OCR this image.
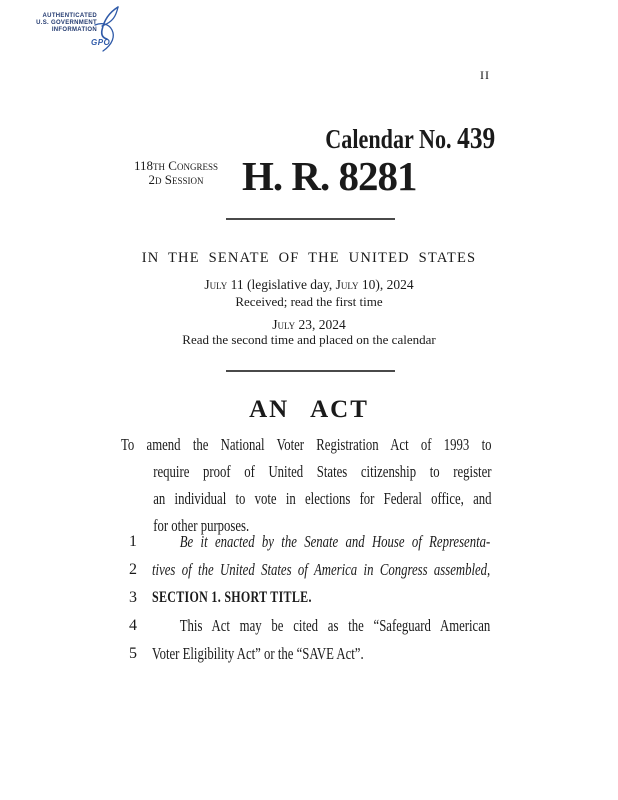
AUTHENTICATED
U.S. GOVERNMENT
INFORMATION
GPO
II
Calendar No. 439
118th Congress
2d Session H. R. 8281
IN THE SENATE OF THE UNITED STATES
July 11 (legislative day, July 10), 2024
Received; read the first time
July 23, 2024
Read the second time and placed on the calendar
AN ACT
To amend the National Voter Registration Act of 1993 to
require proof of United States citizenship to register
an individual to vote in elections for Federal office, and
for other purposes.
1	Be it enacted by the Senate and House of Representa-
2 tives of the United States of America in Congress assembled,
3 SECTION 1. SHORT TITLE.
4	This Act may be cited as the “Safeguard American
5 Voter Eligibility Act” or the “SAVE Act”.
